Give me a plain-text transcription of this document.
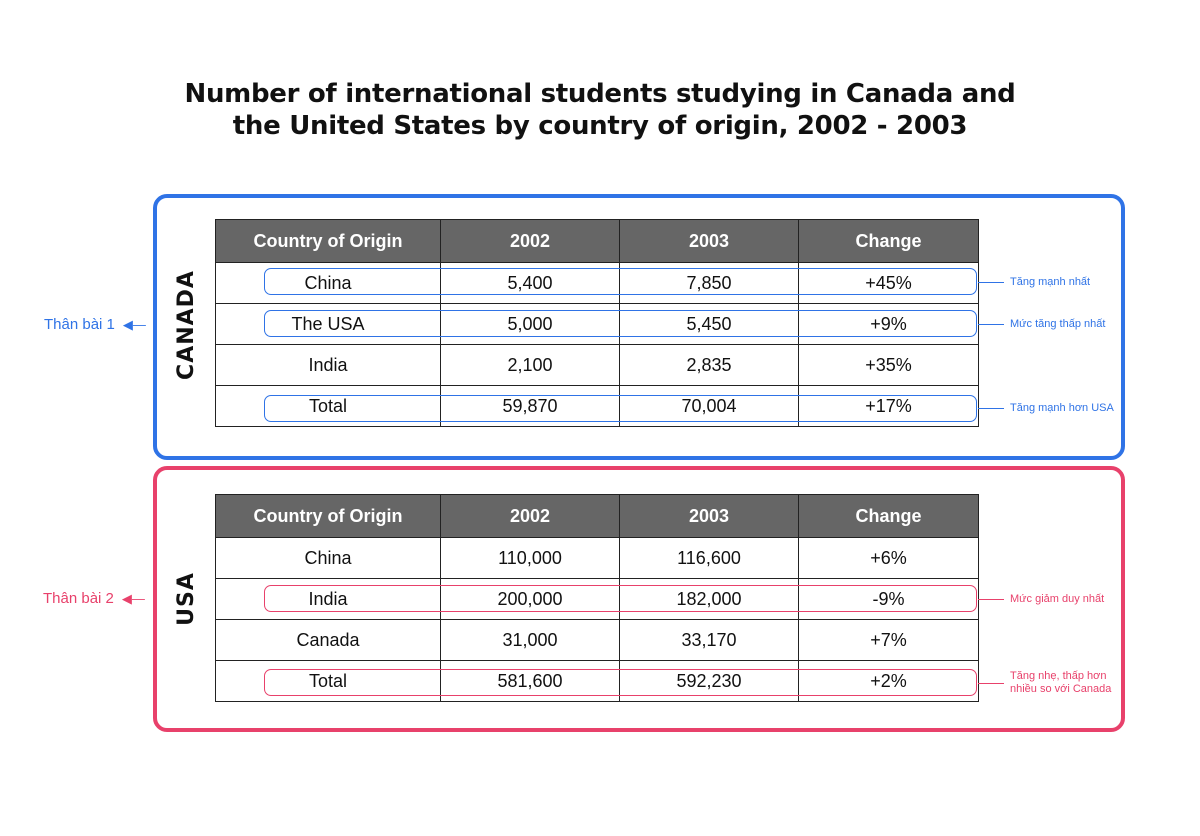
Number of international students studying in Canada and
the United States by country of origin, 2002 - 2003
CANADA
Thân bài 1 ◀—
Country of Origin	2002	2003	Change
China	5,400	7,850	+45%
The USA	5,000	5,450	+9%
India	2,100	2,835	+35%
Total	59,870	70,004	+17%
Tăng mạnh nhất
Mức tăng thấp nhất
Tăng mạnh hơn USA
USA
Thân bài 2 ◀—
Country of Origin	2002	2003	Change
China	110,000	116,600	+6%
India	200,000	182,000	-9%
Canada	31,000	33,170	+7%
Total	581,600	592,230	+2%
Mức giảm duy nhất
Tăng nhẹ, thấp hơn nhiều so với Canada
